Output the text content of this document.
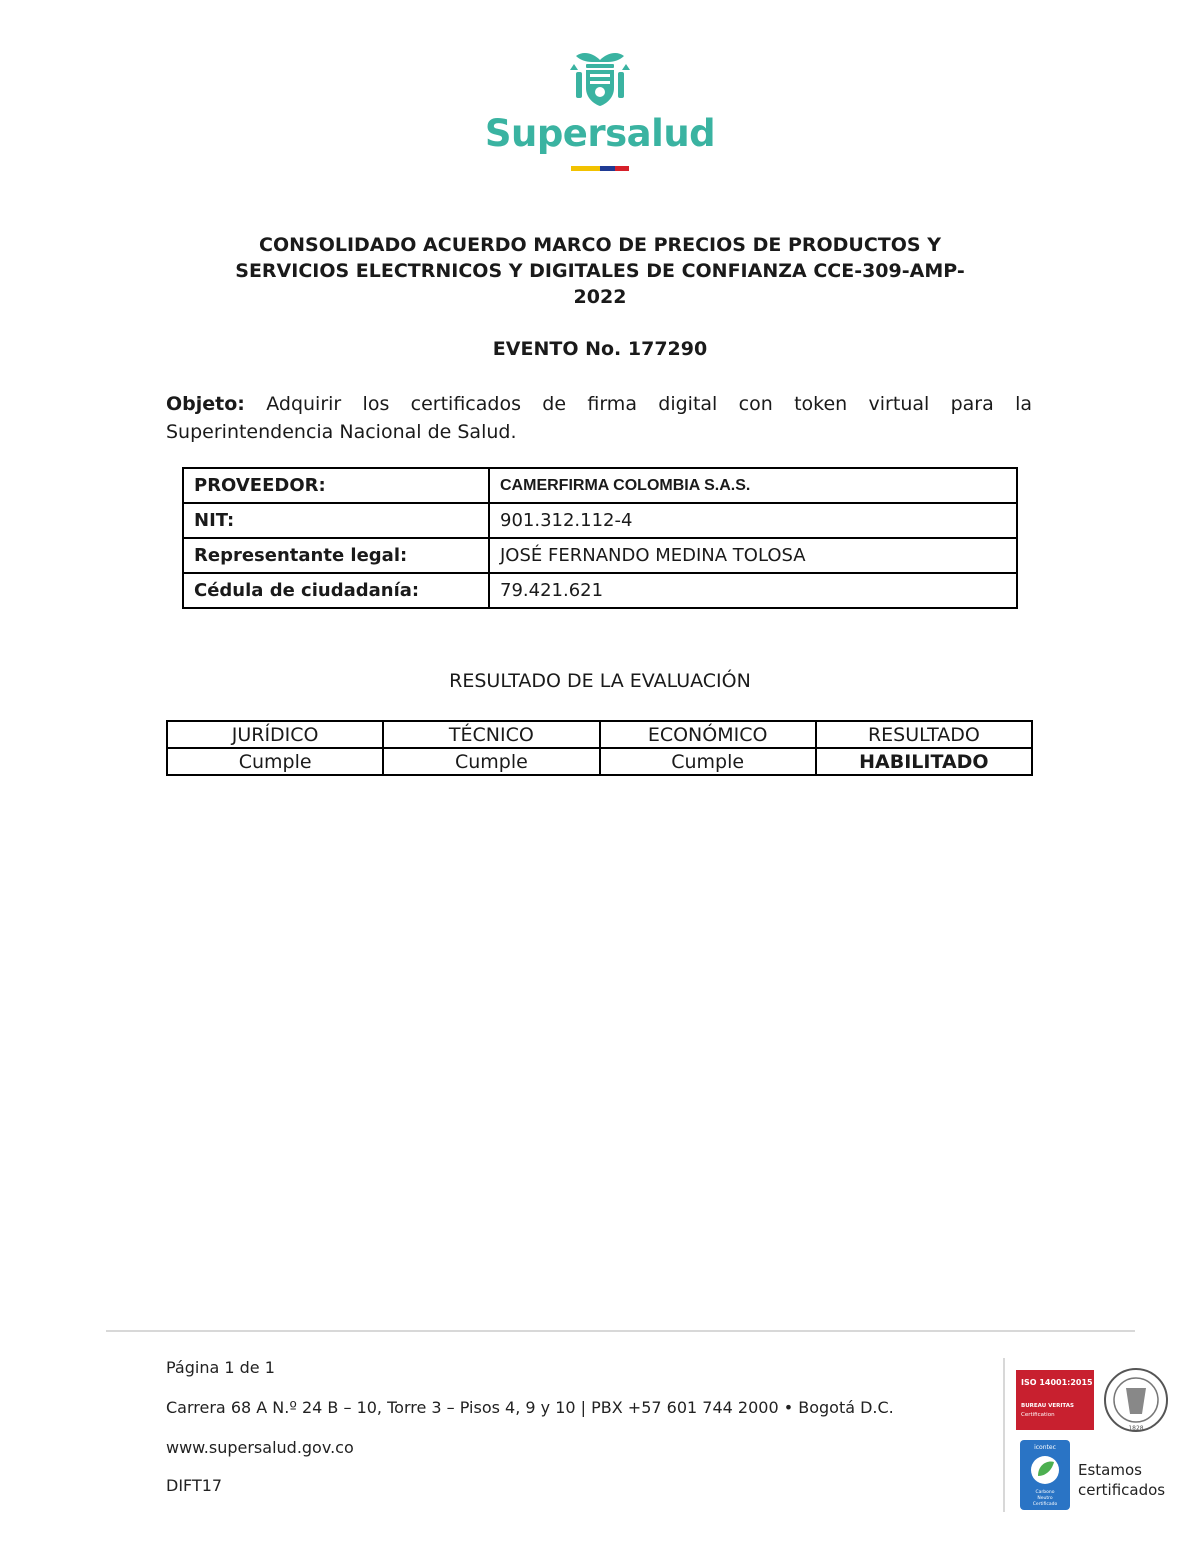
Supersalud
CONSOLIDADO ACUERDO MARCO DE PRECIOS DE PRODUCTOS Y
SERVICIOS ELECTRNICOS Y DIGITALES DE CONFIANZA CCE-309-AMP-
2022
EVENTO No. 177290
Objeto: Adquirir los certificados de firma digital con token virtual para la Superintendencia Nacional de Salud.
PROVEEDOR:	CAMERFIRMA COLOMBIA S.A.S.
NIT:	901.312.112-4
Representante legal:	JOSÉ FERNANDO MEDINA TOLOSA
Cédula de ciudadanía:	79.421.621
RESULTADO DE LA EVALUACIÓN
JURÍDICO	TÉCNICO	ECONÓMICO	RESULTADO
Cumple	Cumple	Cumple	HABILITADO
Página 1 de 1
Carrera 68 A N.º 24 B – 10, Torre 3 – Pisos 4, 9 y 10 | PBX +57 601 744 2000 • Bogotá D.C.
www.supersalud.gov.co
DIFT17
ISO 14001:2015
BUREAU VERITAS
Certification
1828
icontec
Carbono
Neutro
Certificado
Estamos
certificados
